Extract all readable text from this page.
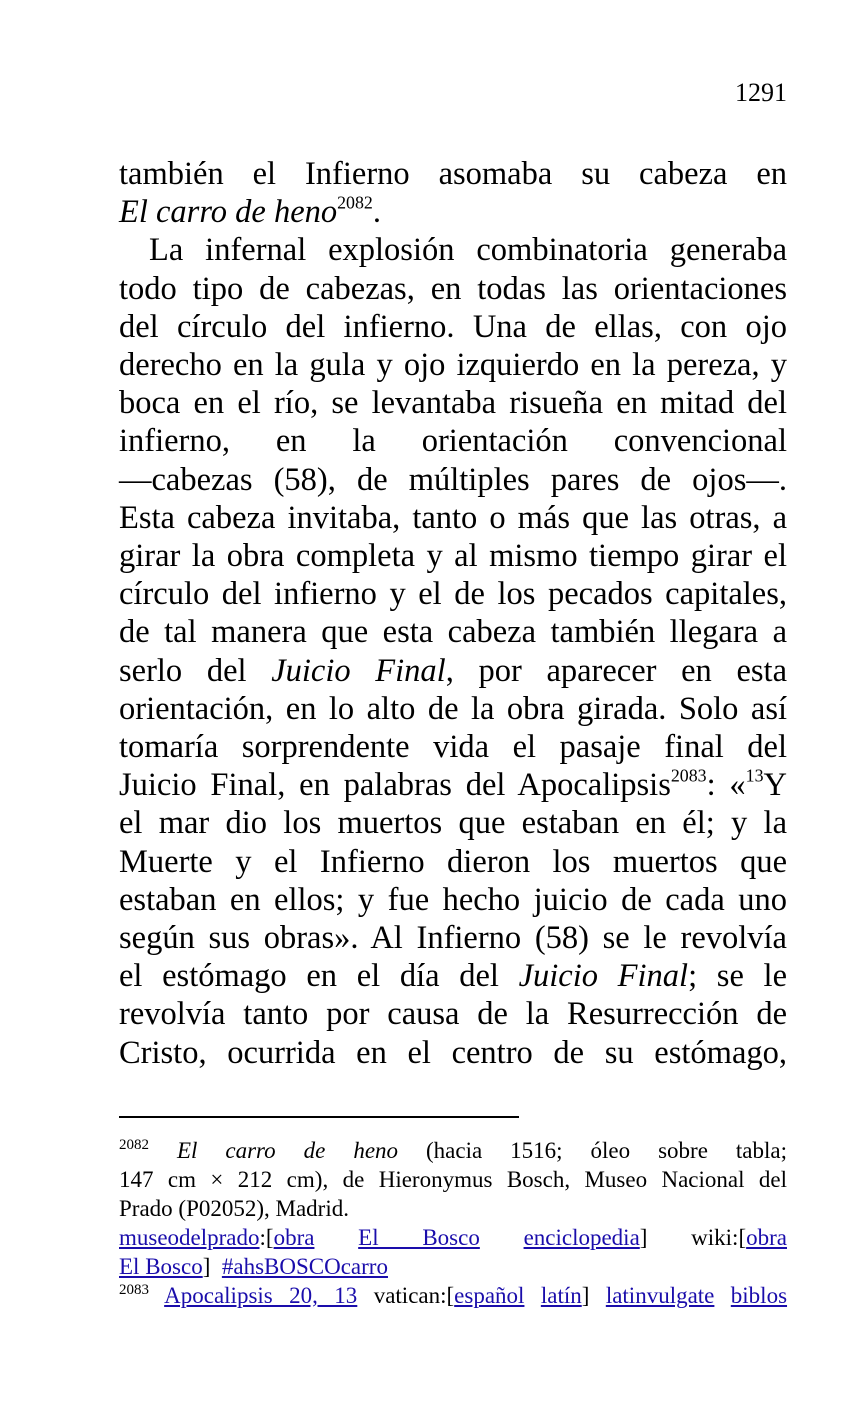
1291
también el Infierno asomaba su cabeza en
El carro de heno$^{2082}$.
La infernal explosión combinatoria generaba
todo tipo de cabezas, en todas las orientaciones
del círculo del infierno. Una de ellas, con ojo
derecho en la gula y ojo izquierdo en la pereza, y
boca en el río, se levantaba risueña en mitad del
infierno, en la orientación convencional
—cabezas (58), de múltiples pares de ojos—.
Esta cabeza invitaba, tanto o más que las otras, a
girar la obra completa y al mismo tiempo girar el
círculo del infierno y el de los pecados capitales,
de tal manera que esta cabeza también llegara a
serlo del Juicio Final, por aparecer en esta
orientación, en lo alto de la obra girada. Solo así
tomaría sorprendente vida el pasaje final del
Juicio Final, en palabras del Apocalipsis$^{2083}$: «$^{13}$Y
el mar dio los muertos que estaban en él; y la
Muerte y el Infierno dieron los muertos que
estaban en ellos; y fue hecho juicio de cada uno
según sus obras». Al Infierno (58) se le revolvía
el estómago en el día del Juicio Final; se le
revolvía tanto por causa de la Resurrección de
Cristo, ocurrida en el centro de su estómago,
$^{2082}$ El carro de heno (hacia 1516; óleo sobre tabla;
147 cm × 212 cm), de Hieronymus Bosch, Museo Nacional del
Prado (P02052), Madrid.
museodelprado:[obra El Bosco enciclopedia] wiki:[obra
El Bosco] #ahsBOSCOcarro
$^{2083}$ Apocalipsis 20, 13 vatican:[español latín] latinvulgate biblos
